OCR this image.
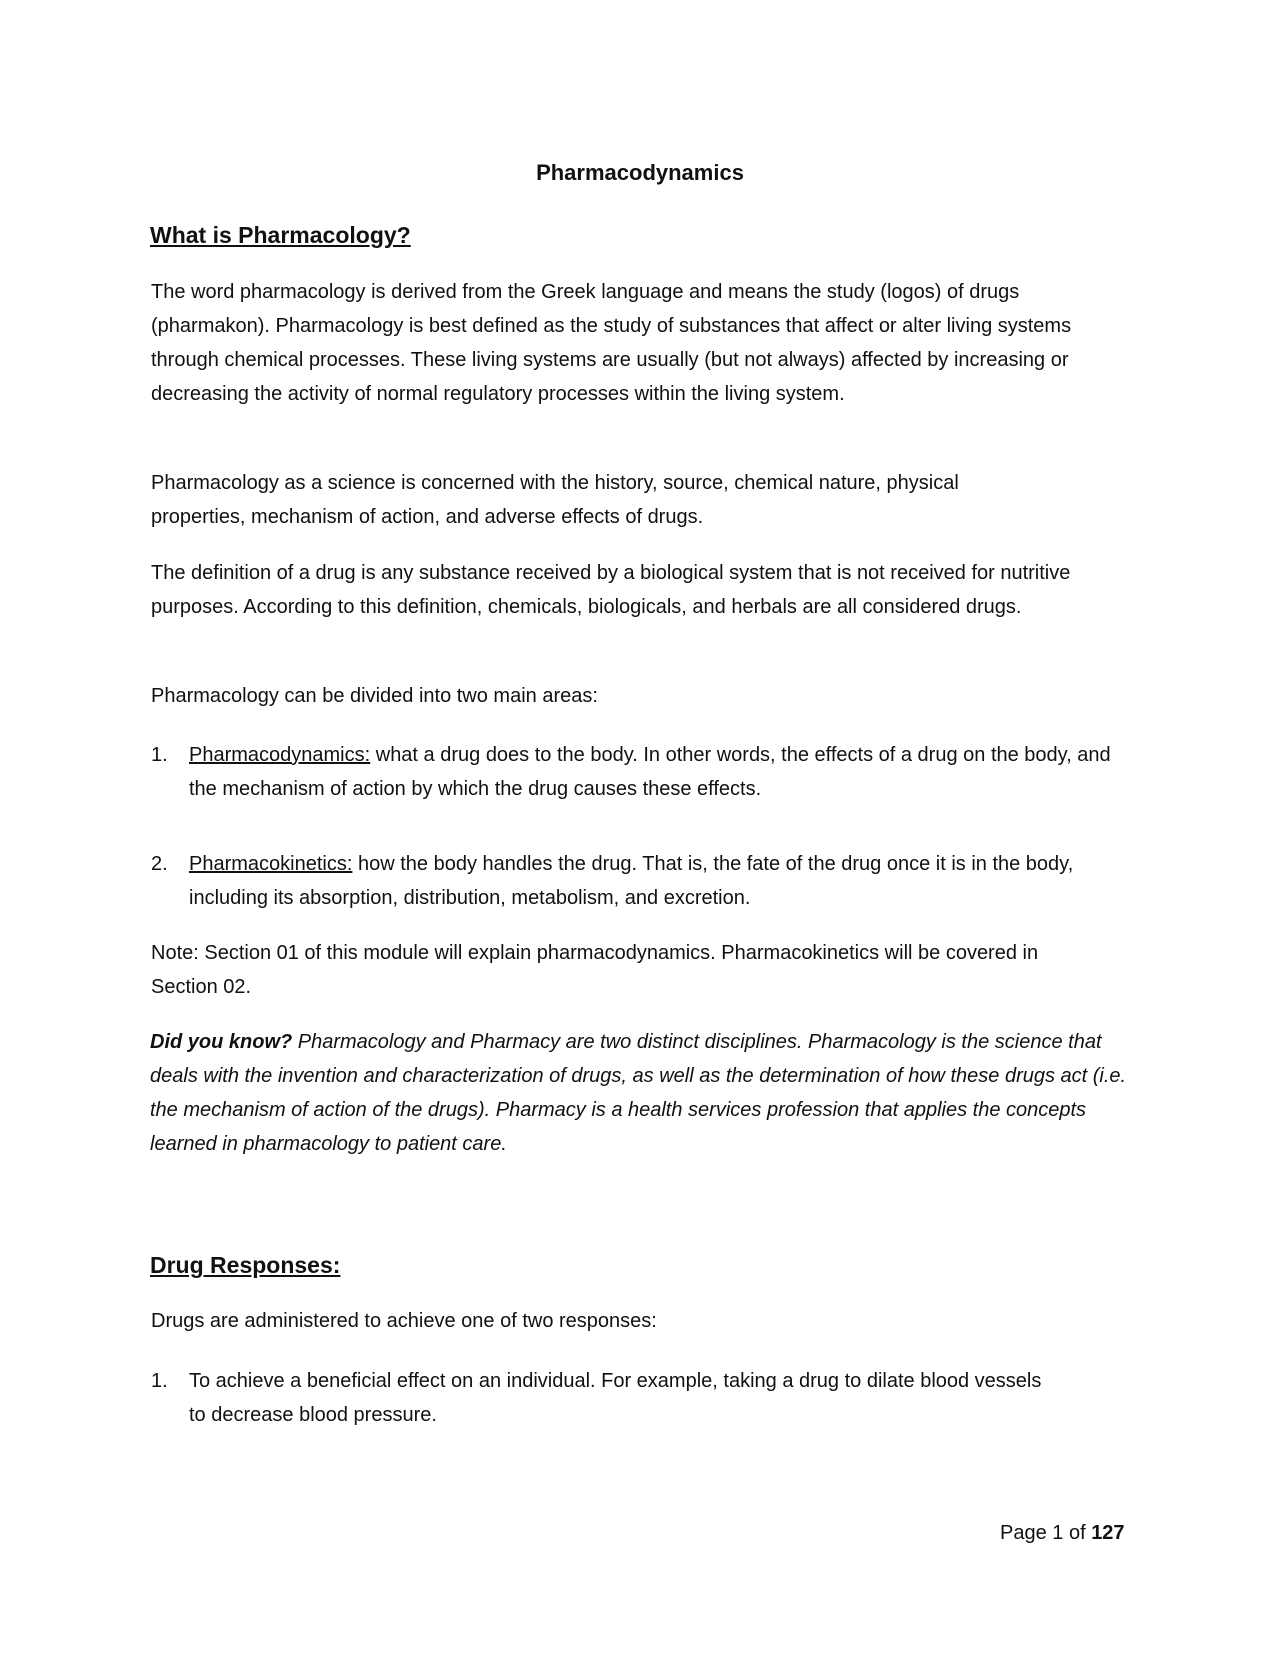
Pharmacodynamics
What is Pharmacology?
The word pharmacology is derived from the Greek language and means the study (logos) of drugs (pharmakon). Pharmacology is best defined as the study of substances that affect or alter living systems through chemical processes. These living systems are usually (but not always) affected by increasing or decreasing the activity of normal regulatory processes within the living system.
Pharmacology as a science is concerned with the history, source, chemical nature, physical properties, mechanism of action, and adverse effects of drugs.
The definition of a drug is any substance received by a biological system that is not received for nutritive purposes. According to this definition, chemicals, biologicals, and herbals are all considered drugs.
Pharmacology can be divided into two main areas:
1. Pharmacodynamics: what a drug does to the body. In other words, the effects of a drug on the body, and the mechanism of action by which the drug causes these effects.
2. Pharmacokinetics: how the body handles the drug. That is, the fate of the drug once it is in the body, including its absorption, distribution, metabolism, and excretion.
Note: Section 01 of this module will explain pharmacodynamics. Pharmacokinetics will be covered in Section 02.
Did you know? Pharmacology and Pharmacy are two distinct disciplines. Pharmacology is the science that deals with the invention and characterization of drugs, as well as the determination of how these drugs act (i.e. the mechanism of action of the drugs). Pharmacy is a health services profession that applies the concepts learned in pharmacology to patient care.
Drug Responses:
Drugs are administered to achieve one of two responses:
1. To achieve a beneficial effect on an individual. For example, taking a drug to dilate blood vessels to decrease blood pressure.
Page 1 of 127
